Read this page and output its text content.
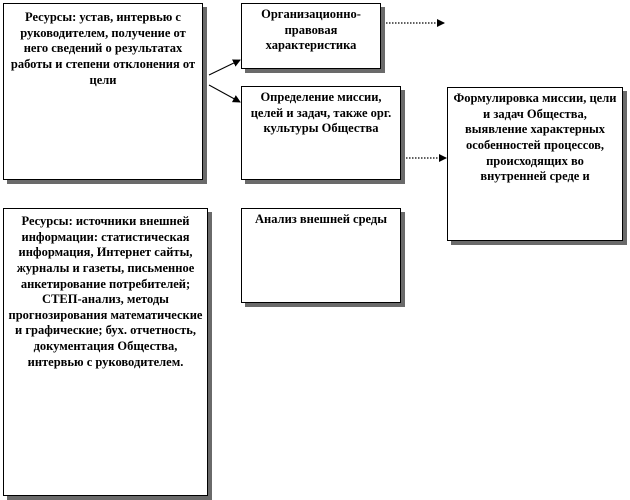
Ресурсы: устав, интервью с руководителем, получение от него сведений о результатах работы и степени отклонения от цели
Организационно-правовая характеристика
Определение миссии, целей и задач, также орг. культуры Общества
Формулировка миссии, цели и задач Общества, выявление характерных особенностей процессов, происходящих во внутренней среде и
Ресурсы: источники внешней информации: статистическая информация, Интернет сайты, журналы и газеты, письменное анкетирование потребителей; СТЕП-анализ, методы прогнозирования математические и графические; бух. отчетность, документация Общества, интервью с руководителем.
Анализ внешней среды
